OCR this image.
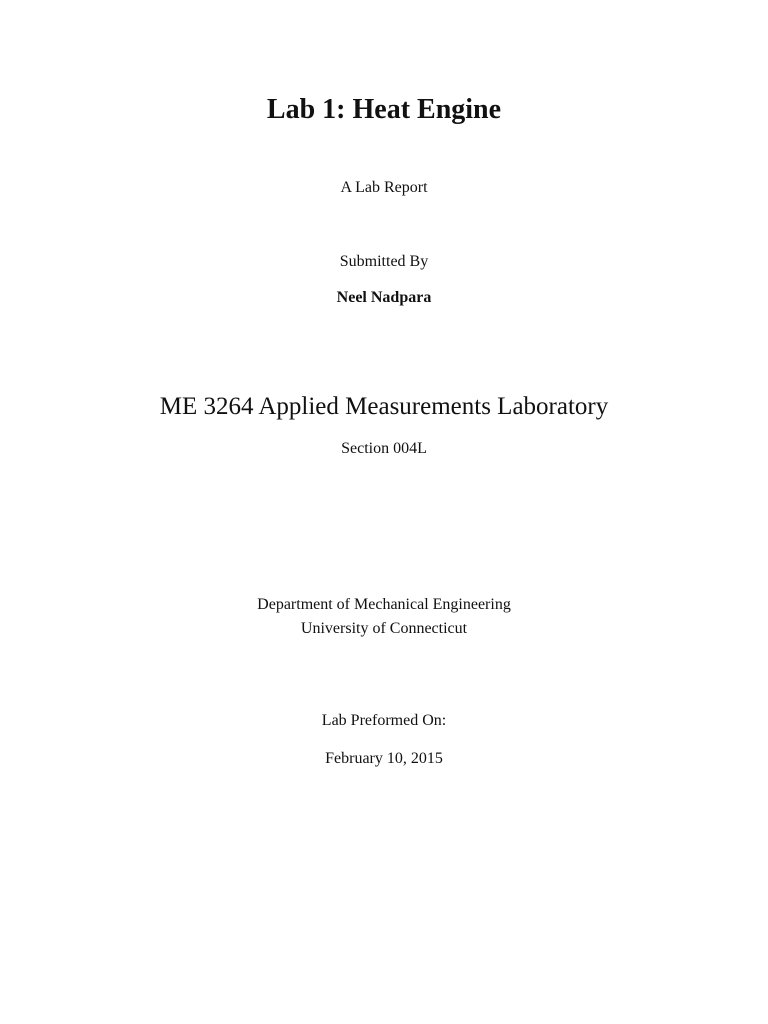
Lab 1: Heat Engine
A Lab Report
Submitted By
Neel Nadpara
ME 3264 Applied Measurements Laboratory
Section 004L
Department of Mechanical Engineering
University of Connecticut
Lab Preformed On:
February 10, 2015
